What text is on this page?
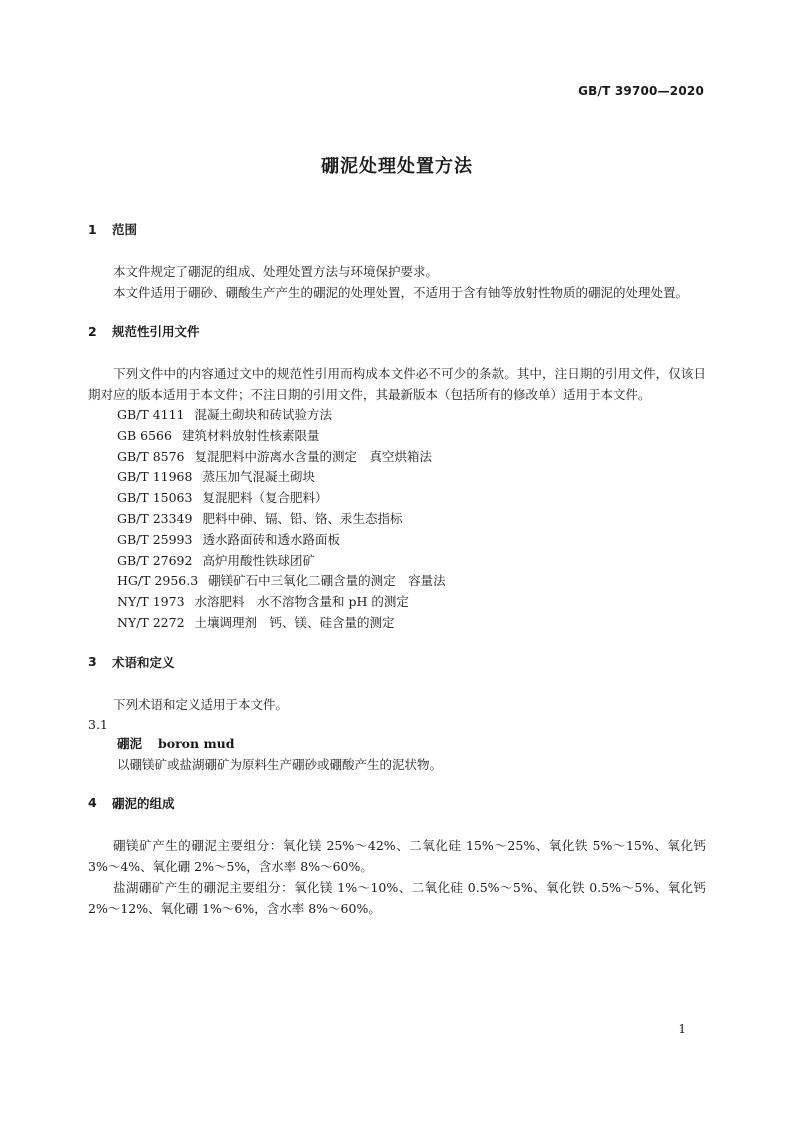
GB/T 39700—2020
硼泥处理处置方法
1	范围

本文件规定了硼泥的组成、处理处置方法与环境保护要求。

本文件适用于硼砂、硼酸生产产生的硼泥的处理处置，不适用于含有铀等放射性物质的硼泥的处理处置。

2	规范性引用文件

下列文件中的内容通过文中的规范性引用而构成本文件必不可少的条款。其中，注日期的引用文件，仅该日期对应的版本适用于本文件；不注日期的引用文件，其最新版本（包括所有的修改单）适用于本文件。

GB/T 4111 混凝土砌块和砖试验方法
GB 6566 建筑材料放射性核素限量
GB/T 8576 复混肥料中游离水含量的测定　真空烘箱法
GB/T 11968 蒸压加气混凝土砌块
GB/T 15063 复混肥料（复合肥料）
GB/T 23349 肥料中砷、镉、铅、铬、汞生态指标
GB/T 25993 透水路面砖和透水路面板
GB/T 27692 高炉用酸性铁球团矿
HG/T 2956.3 硼镁矿石中三氧化二硼含量的测定　容量法
NY/T 1973 水溶肥料　水不溶物含量和 pH 的测定
NY/T 2272 土壤调理剂　钙、镁、硅含量的测定
3	术语和定义

下列术语和定义适用于本文件。

3.1

硼泥 boron mud

以硼镁矿或盐湖硼矿为原料生产硼砂或硼酸产生的泥状物。

4	硼泥的组成

硼镁矿产生的硼泥主要组分：氧化镁 25%～42%、二氧化硅 15%～25%、氧化铁 5%～15%、氧化钙 3%～4%、氧化硼 2%～5%，含水率 8%～60%。

盐湖硼矿产生的硼泥主要组分：氧化镁 1%～10%、二氧化硅 0.5%～5%、氧化铁 0.5%～5%、氧化钙 2%～12%、氧化硼 1%～6%，含水率 8%～60%。

1
